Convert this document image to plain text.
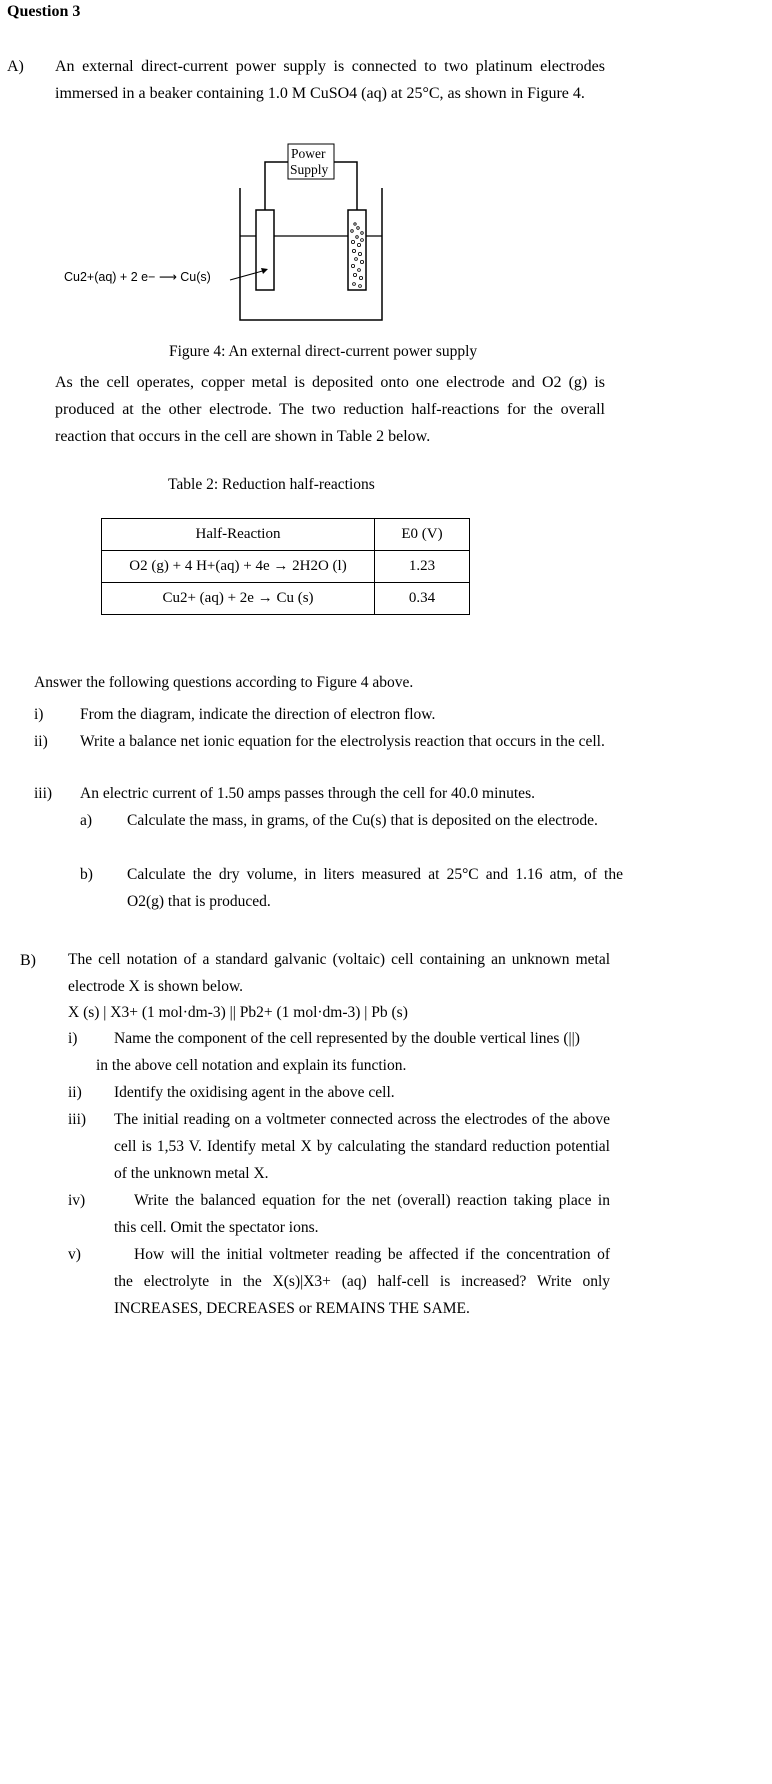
Question 3
A) An external direct-current power supply is connected to two platinum electrodes
immersed in a beaker containing 1.0 M CuSO4 (aq) at 25°C, as shown in Figure 4.
Power
Supply
Cu2+(aq) + 2 e− ⟶ Cu(s)
Figure 4: An external direct-current power supply
As the cell operates, copper metal is deposited onto one electrode and O2 (g) is
produced at the other electrode. The two reduction half-reactions for the overall
reaction that occurs in the cell are shown in Table 2 below.
Table 2: Reduction half-reactions
Half-Reaction	E0 (V)
O2 (g) + 4 H+(aq) + 4e → 2H2O (l)	1.23
Cu2+ (aq) + 2e → Cu (s)	0.34
Answer the following questions according to Figure 4 above.
i) From the diagram, indicate the direction of electron flow.
ii) Write a balance net ionic equation for the electrolysis reaction that occurs in the cell.
iii) An electric current of 1.50 amps passes through the cell for 40.0 minutes.
a) Calculate the mass, in grams, of the Cu(s) that is deposited on the electrode.
b) Calculate the dry volume, in liters measured at 25°C and 1.16 atm, of the
O2(g) that is produced.
B) The cell notation of a standard galvanic (voltaic) cell containing an unknown metal
electrode X is shown below.
X (s) | X3+ (1 mol·dm-3) || Pb2+ (1 mol·dm-3) | Pb (s)
i) Name the component of the cell represented by the double vertical lines (||)
in the above cell notation and explain its function.
ii) Identify the oxidising agent in the above cell.
iii) The initial reading on a voltmeter connected across the electrodes of the above
cell is 1,53 V. Identify metal X by calculating the standard reduction potential
of the unknown metal X.
iv)	Write the balanced equation for the net (overall) reaction taking place in
this cell. Omit the spectator ions.
v)	How will the initial voltmeter reading be affected if the concentration of
the electrolyte in the X(s)|X3+ (aq) half-cell is increased? Write only
INCREASES, DECREASES or REMAINS THE SAME.
